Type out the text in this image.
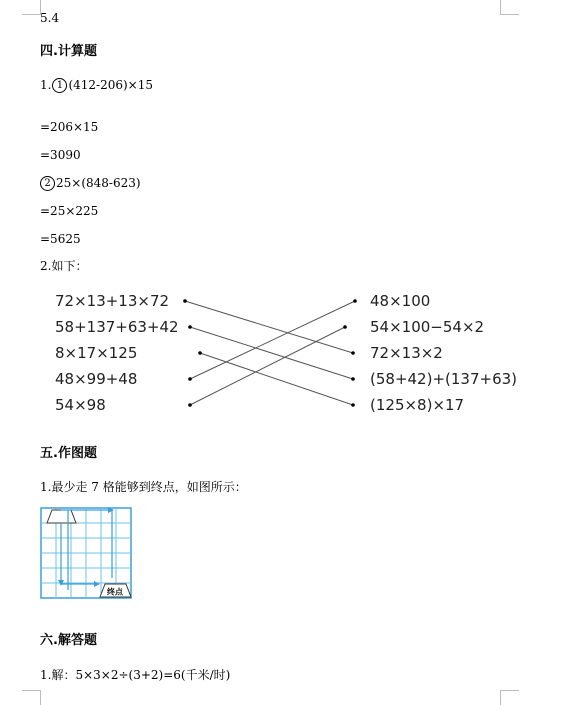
5.4
四.计算题
1. 1 (412-206)×15
=206×15
=3090
2 25×(848-623)
=25×225
=5625
2.如下：
72×13+13×72
58+137+63+42
8×17×125
48×99+48
54×98
48×100
54×100−54×2
72×13×2
(58+42)+(137+63)
(125×8)×17
五.作图题
1.最少走 7 格能够到终点，如图所示：
终点
六.解答题
1.解：5×3×2÷(3+2)=6(千米/时)
